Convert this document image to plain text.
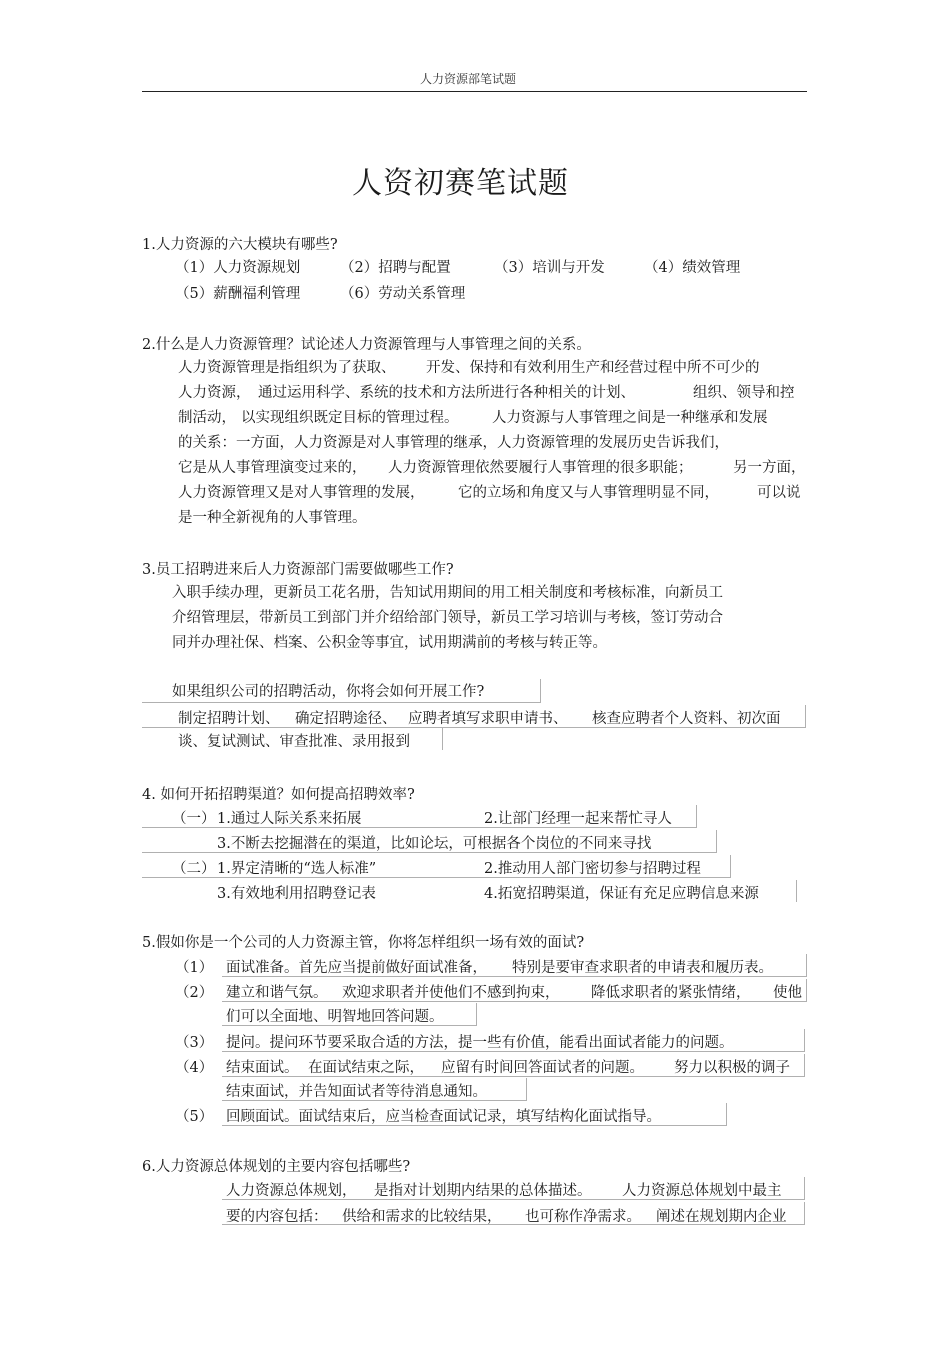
人力资源部笔试题
人资初赛笔试题
1.人力资源的六大模块有哪些?
（1）人力资源规划	（2）招聘与配置	（3）培训与开发	（4）绩效管理
（5）薪酬福利管理	（6）劳动关系管理
2.什么是人力资源管理？试论述人力资源管理与人事管理之间的关系。
人力资源管理是指组织为了获取、 开发、保持和有效利用生产和经营过程中所不可少的
人力资源， 通过运用科学、系统的技术和方法所进行各种相关的计划、	组织、领导和控
制活动， 以实现组织既定目标的管理过程。 人力资源与人事管理之间是一种继承和发展
的关系：一方面，人力资源是对人事管理的继承，人力资源管理的发展历史告诉我们，
它是从人事管理演变过来的， 人力资源管理依然要履行人事管理的很多职能；	另一方面，
人力资源管理又是对人事管理的发展， 它的立场和角度又与人事管理明显不同，	可以说
是一种全新视角的人事管理。
3.员工招聘进来后人力资源部门需要做哪些工作?
入职手续办理，更新员工花名册，告知试用期间的用工相关制度和考核标准，向新员工
介绍管理层，带新员工到部门并介绍给部门领导，新员工学习培训与考核，签订劳动合
同并办理社保、档案、公积金等事宜，试用期满前的考核与转正等。
如果组织公司的招聘活动，你将会如何开展工作?
制定招聘计划、 确定招聘途径、 应聘者填写求职申请书、 核查应聘者个人资料、初次面
谈、复试测试、审查批准、录用报到
4. 如何开拓招聘渠道？如何提高招聘效率?
（一） 1.通过人际关系来拓展	2.让部门经理一起来帮忙寻人
3.不断去挖掘潜在的渠道，比如论坛，可根据各个岗位的不同来寻找
（二） 1.界定清晰的“选人标准”	2.推动用人部门密切参与招聘过程
3.有效地利用招聘登记表	4.拓宽招聘渠道，保证有充足应聘信息来源
5.假如你是一个公司的人力资源主管，你将怎样组织一场有效的面试?
（1） 面试准备。首先应当提前做好面试准备， 特别是要审查求职者的申请表和履历表。
（2） 建立和谐气氛。 欢迎求职者并使他们不感到拘束， 降低求职者的紧张情绪， 使他
们可以全面地、明智地回答问题。
（3） 提问。提问环节要采取合适的方法，提一些有价值，能看出面试者能力的问题。
（4） 结束面试。 在面试结束之际， 应留有时间回答面试者的问题。 努力以积极的调子
结束面试，并告知面试者等待消息通知。
（5） 回顾面试。面试结束后，应当检查面试记录，填写结构化面试指导。
6.人力资源总体规划的主要内容包括哪些?
人力资源总体规划， 是指对计划期内结果的总体描述。 人力资源总体规划中最主
要的内容包括： 供给和需求的比较结果， 也可称作净需求。 阐述在规划期内企业
